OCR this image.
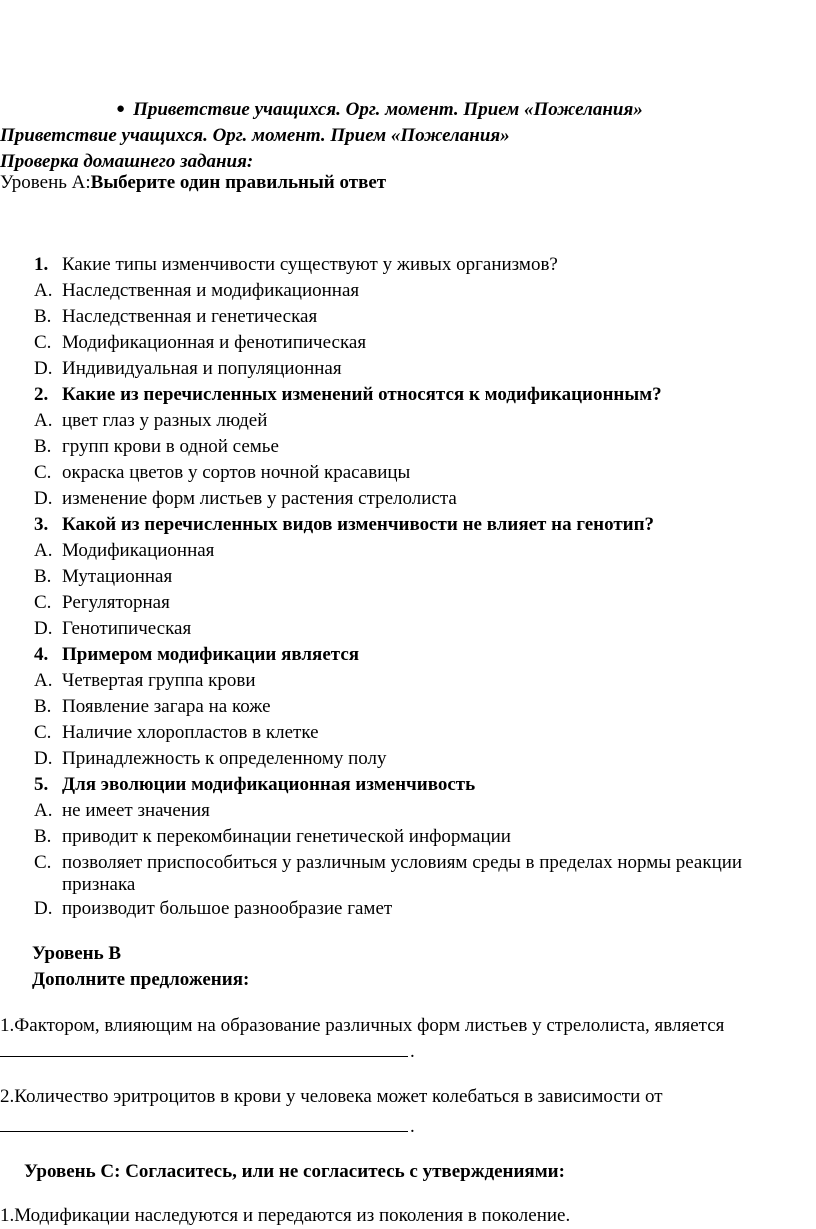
● Приветствие учащихся. Орг. момент. Прием «Пожелания»
Приветствие учащихся. Орг. момент. Прием «Пожелания»
Проверка домашнего задания:
Уровень А:Выберите один правильный ответ
1. Какие типы изменчивости существуют у живых организмов?
A. Наследственная и модификационная
B. Наследственная и генетическая
C. Модификационная и фенотипическая
D. Индивидуальная и популяционная
2. Какие из перечисленных изменений относятся к модификационным?
A. цвет глаз у разных людей
B. групп крови в одной семье
C. окраска цветов у сортов ночной красавицы
D. изменение форм листьев у растения стрелолиста
3. Какой из перечисленных видов изменчивости не влияет на генотип?
A. Модификационная
B. Мутационная
C. Регуляторная
D. Генотипическая
4. Примером модификации является
A. Четвертая группа крови
B. Появление загара на коже
C. Наличие хлоропластов в клетке
D. Принадлежность к определенному полу
5. Для эволюции модификационная изменчивость
A. не имеет значения
B. приводит к перекомбинации генетической информации
C. позволяет приспособиться у различным условиям среды в пределах нормы реакции
признака
D. производит большое разнообразие гамет
Уровень В
Дополните предложения:
1.Фактором, влияющим на образование различных форм листьев у стрелолиста, является
.
2.Количество эритроцитов в крови у человека может колебаться в зависимости от
.
Уровень С: Согласитесь, или не согласитесь с утверждениями:
1.Модификации наследуются и передаются из поколения в поколение.
